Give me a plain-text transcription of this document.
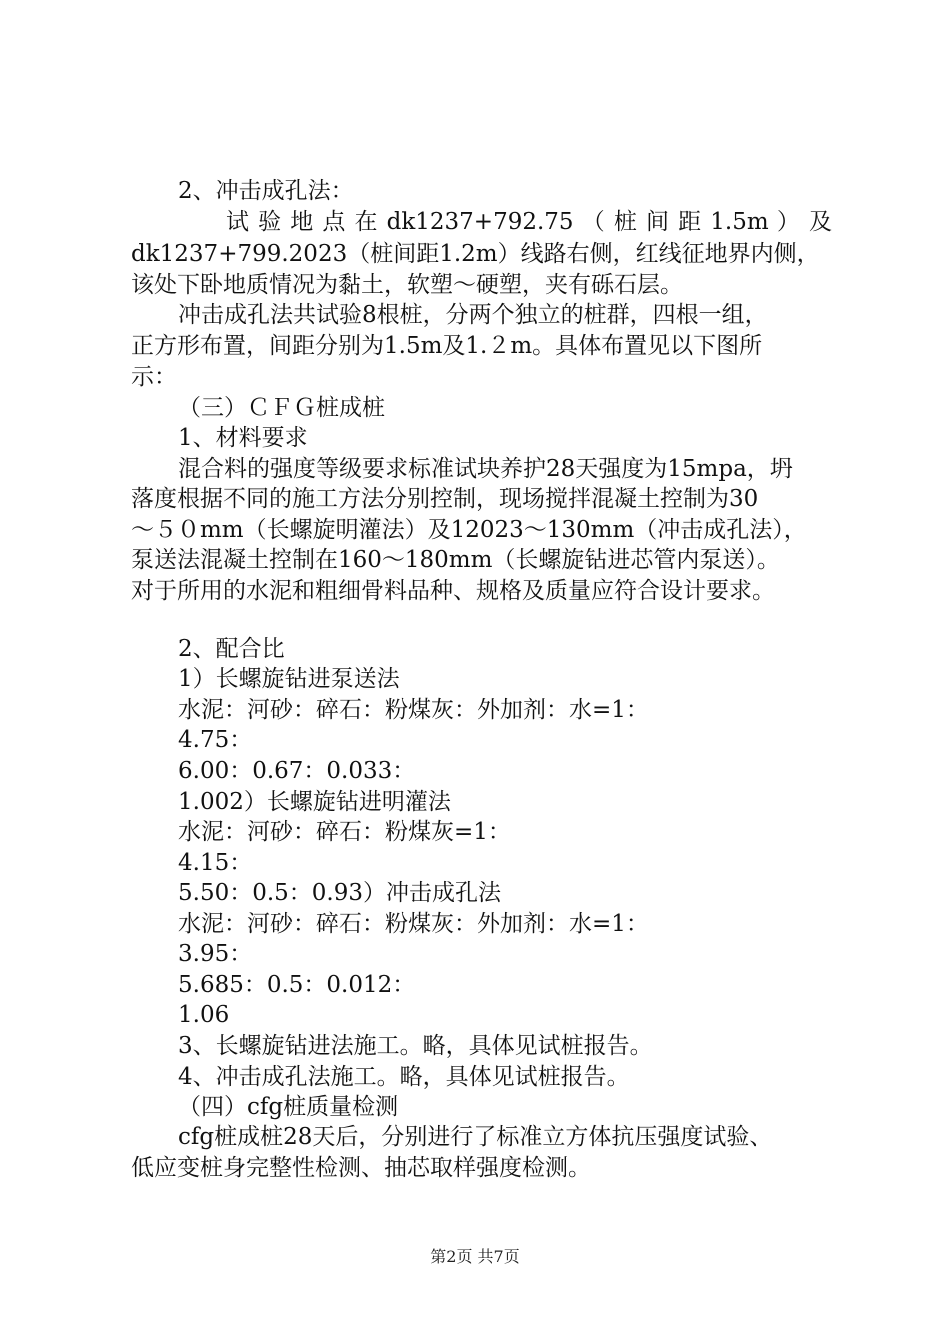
2、冲击成孔法：
试 验 地 点 在 dk1237+792.75 （ 桩 间 距 1.5m ） 及
dk1237+799.2023（桩间距1.2m）线路右侧，红线征地界内侧，
该处下卧地质情况为黏土，软塑～硬塑，夹有砾石层。
冲击成孔法共试验8根桩，分两个独立的桩群，四根一组，
正方形布置，间距分别为1.5m及1.２m。具体布置见以下图所
示：
（三）ＣＦＧ桩成桩
1、材料要求
混合料的强度等级要求标准试块养护28天强度为15mpa，坍
落度根据不同的施工方法分别控制，现场搅拌混凝土控制为30
～５０mm（长螺旋明灌法）及12023～130mm（冲击成孔法），
泵送法混凝土控制在160～180mm（长螺旋钻进芯管内泵送）。
对于所用的水泥和粗细骨料品种、规格及质量应符合设计要求。
2、配合比
1）长螺旋钻进泵送法
水泥：河砂：碎石：粉煤灰：外加剂：水=1：
4.75：
6.00：0.67：0.033：
1.002）长螺旋钻进明灌法
水泥：河砂：碎石：粉煤灰=1：
4.15：
5.50：0.5：0.93）冲击成孔法
水泥：河砂：碎石：粉煤灰：外加剂：水=1：
3.95：
5.685：0.5：0.012：
1.06
3、长螺旋钻进法施工。略，具体见试桩报告。
4、冲击成孔法施工。略，具体见试桩报告。
（四）cfg桩质量检测
cfg桩成桩28天后，分别进行了标准立方体抗压强度试验、
低应变桩身完整性检测、抽芯取样强度检测。
第2页 共7页
